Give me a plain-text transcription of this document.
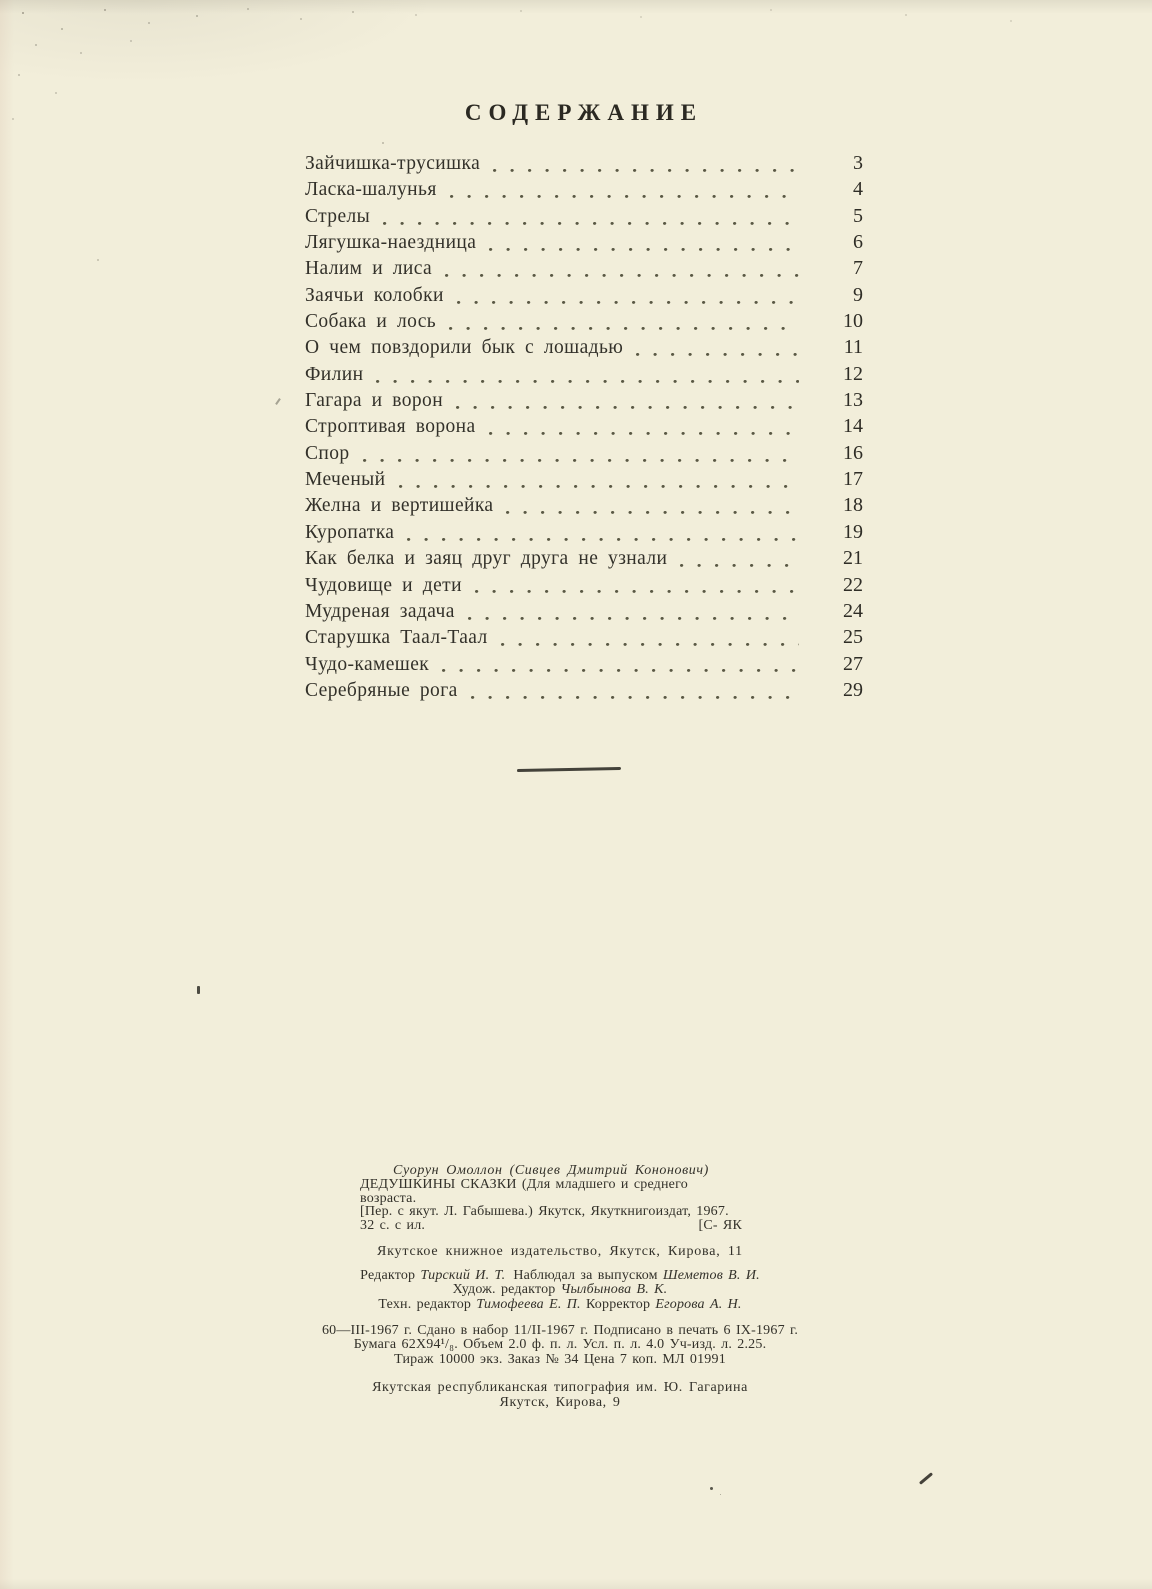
СОДЕРЖАНИЕ
Зайчишка-трусишка	3
Ласка-шалунья	4
Стрелы	5
Лягушка-наездница	6
Налим и лиса	7
Заячьи колобки	9
Собака и лось	10
О чем повздорили бык с лошадью	11
Филин	12
Гагара и ворон	13
Строптивая ворона	14
Спор	16
Меченый	17
Желна и вертишейка	18
Куропатка	19
Как белка и заяц друг друга не узнали	21
Чудовище и дети	22
Мудреная задача	24
Старушка Таал-Таал	25
Чудо-камешек	27
Серебряные рога	29
Суорун Омоллон (Сивцев Дмитрий Кононович)
ДЕДУШКИНЫ СКАЗКИ (Для младшего и среднего возраста.
[Пер. с якут. Л. Габышева.) Якутск, Якуткнигоиздат, 1967.
32 с. с ил.	[С- ЯК
Якутское книжное издательство, Якутск, Кирова, 11
Редактор Тирский И. Т. Наблюдал за выпуском Шеметов В. И.
Худож. редактор Чылбынова В. К.
Техн. редактор Тимофеева Е. П. Корректор Егорова А. Н.
60—III-1967 г. Сдано в набор 11/II-1967 г. Подписано в печать 6 IX-1967 г.
Бумага 62Х94¹/₈. Объем 2.0 ф. п. л. Усл. п. л. 4.0 Уч-изд. л. 2.25.
Тираж 10000 экз. Заказ № 34 Цена 7 коп. МЛ 01991
Якутская республиканская типография им. Ю. Гагарина
Якутск, Кирова, 9
